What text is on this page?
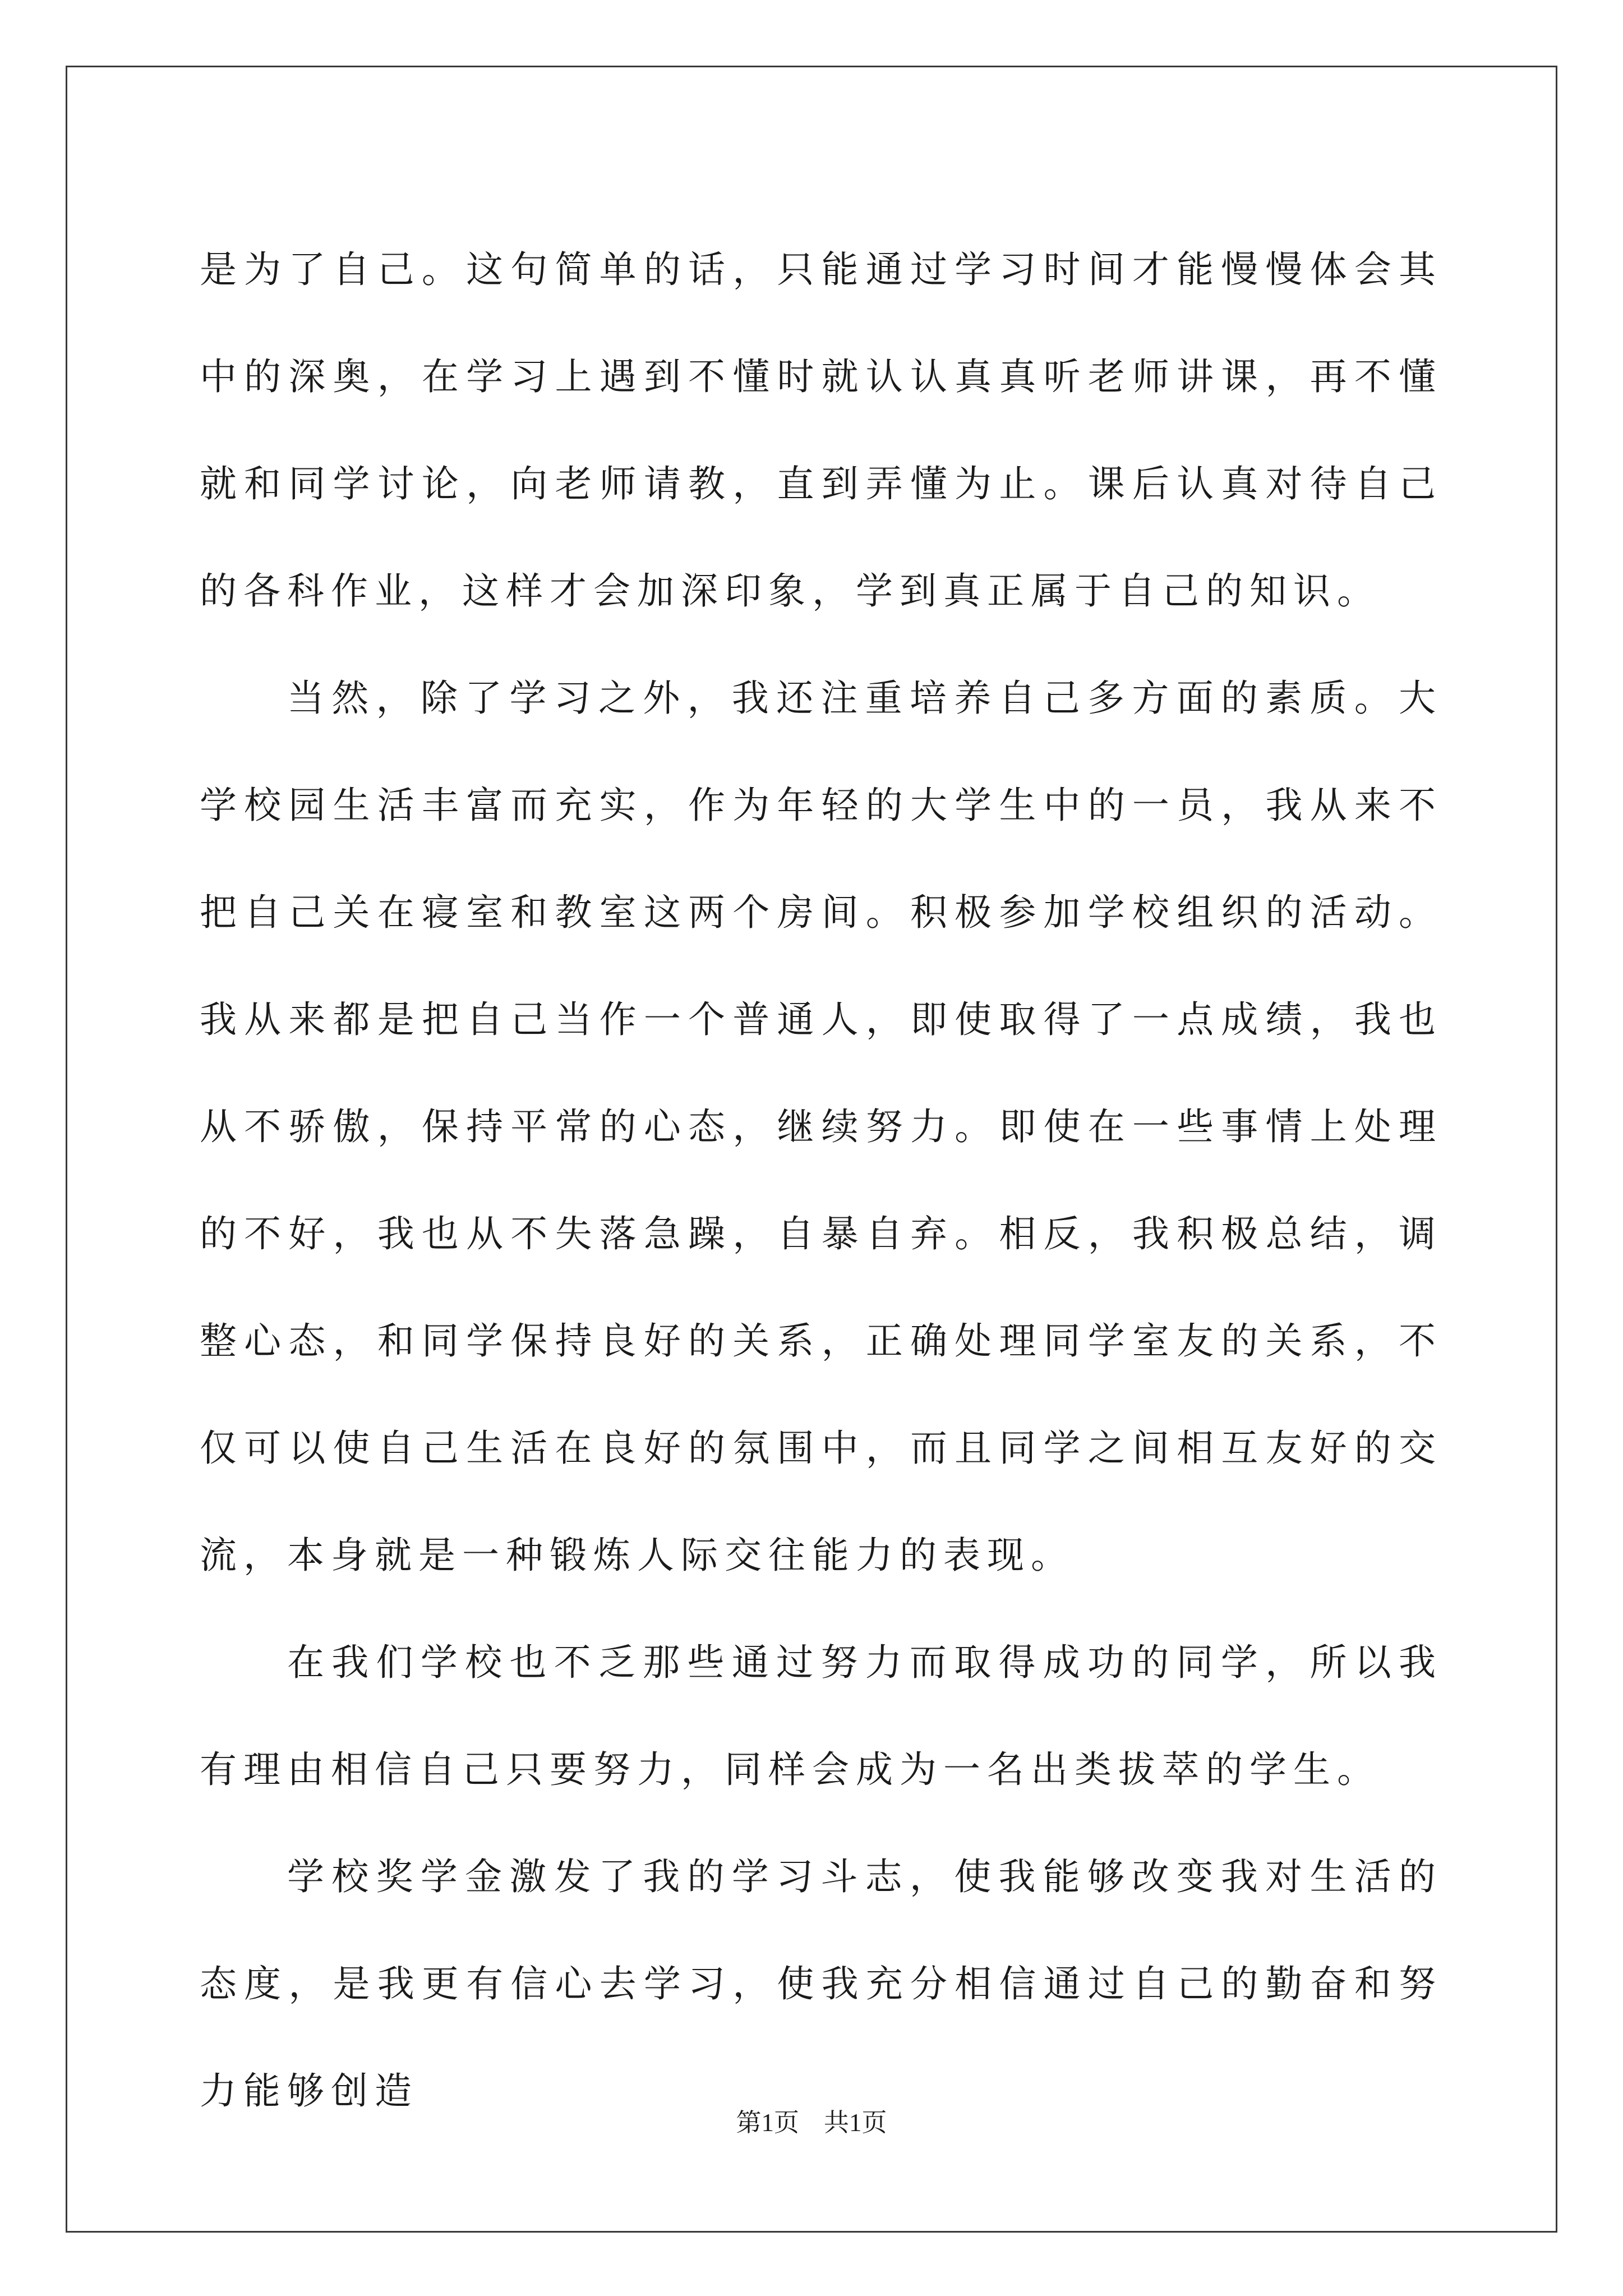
是为了自己。这句简单的话，只能通过学习时间才能慢慢体会其中的深奥，在学习上遇到不懂时就认认真真听老师讲课，再不懂就和同学讨论，向老师请教，直到弄懂为止。课后认真对待自己的各科作业，这样才会加深印象，学到真正属于自己的知识。

当然，除了学习之外，我还注重培养自己多方面的素质。大学校园生活丰富而充实，作为年轻的大学生中的一员，我从来不把自己关在寝室和教室这两个房间。积极参加学校组织的活动。我从来都是把自己当作一个普通人，即使取得了一点成绩，我也从不骄傲，保持平常的心态，继续努力。即使在一些事情上处理的不好，我也从不失落急躁，自暴自弃。相反，我积极总结，调整心态，和同学保持良好的关系，正确处理同学室友的关系，不仅可以使自己生活在良好的氛围中，而且同学之间相互友好的交流，本身就是一种锻炼人际交往能力的表现。

在我们学校也不乏那些通过努力而取得成功的同学，所以我有理由相信自己只要努力，同样会成为一名出类拔萃的学生。

学校奖学金激发了我的学习斗志，使我能够改变我对生活的态度，是我更有信心去学习，使我充分相信通过自己的勤奋和努力能够创造

第1页 共1页
